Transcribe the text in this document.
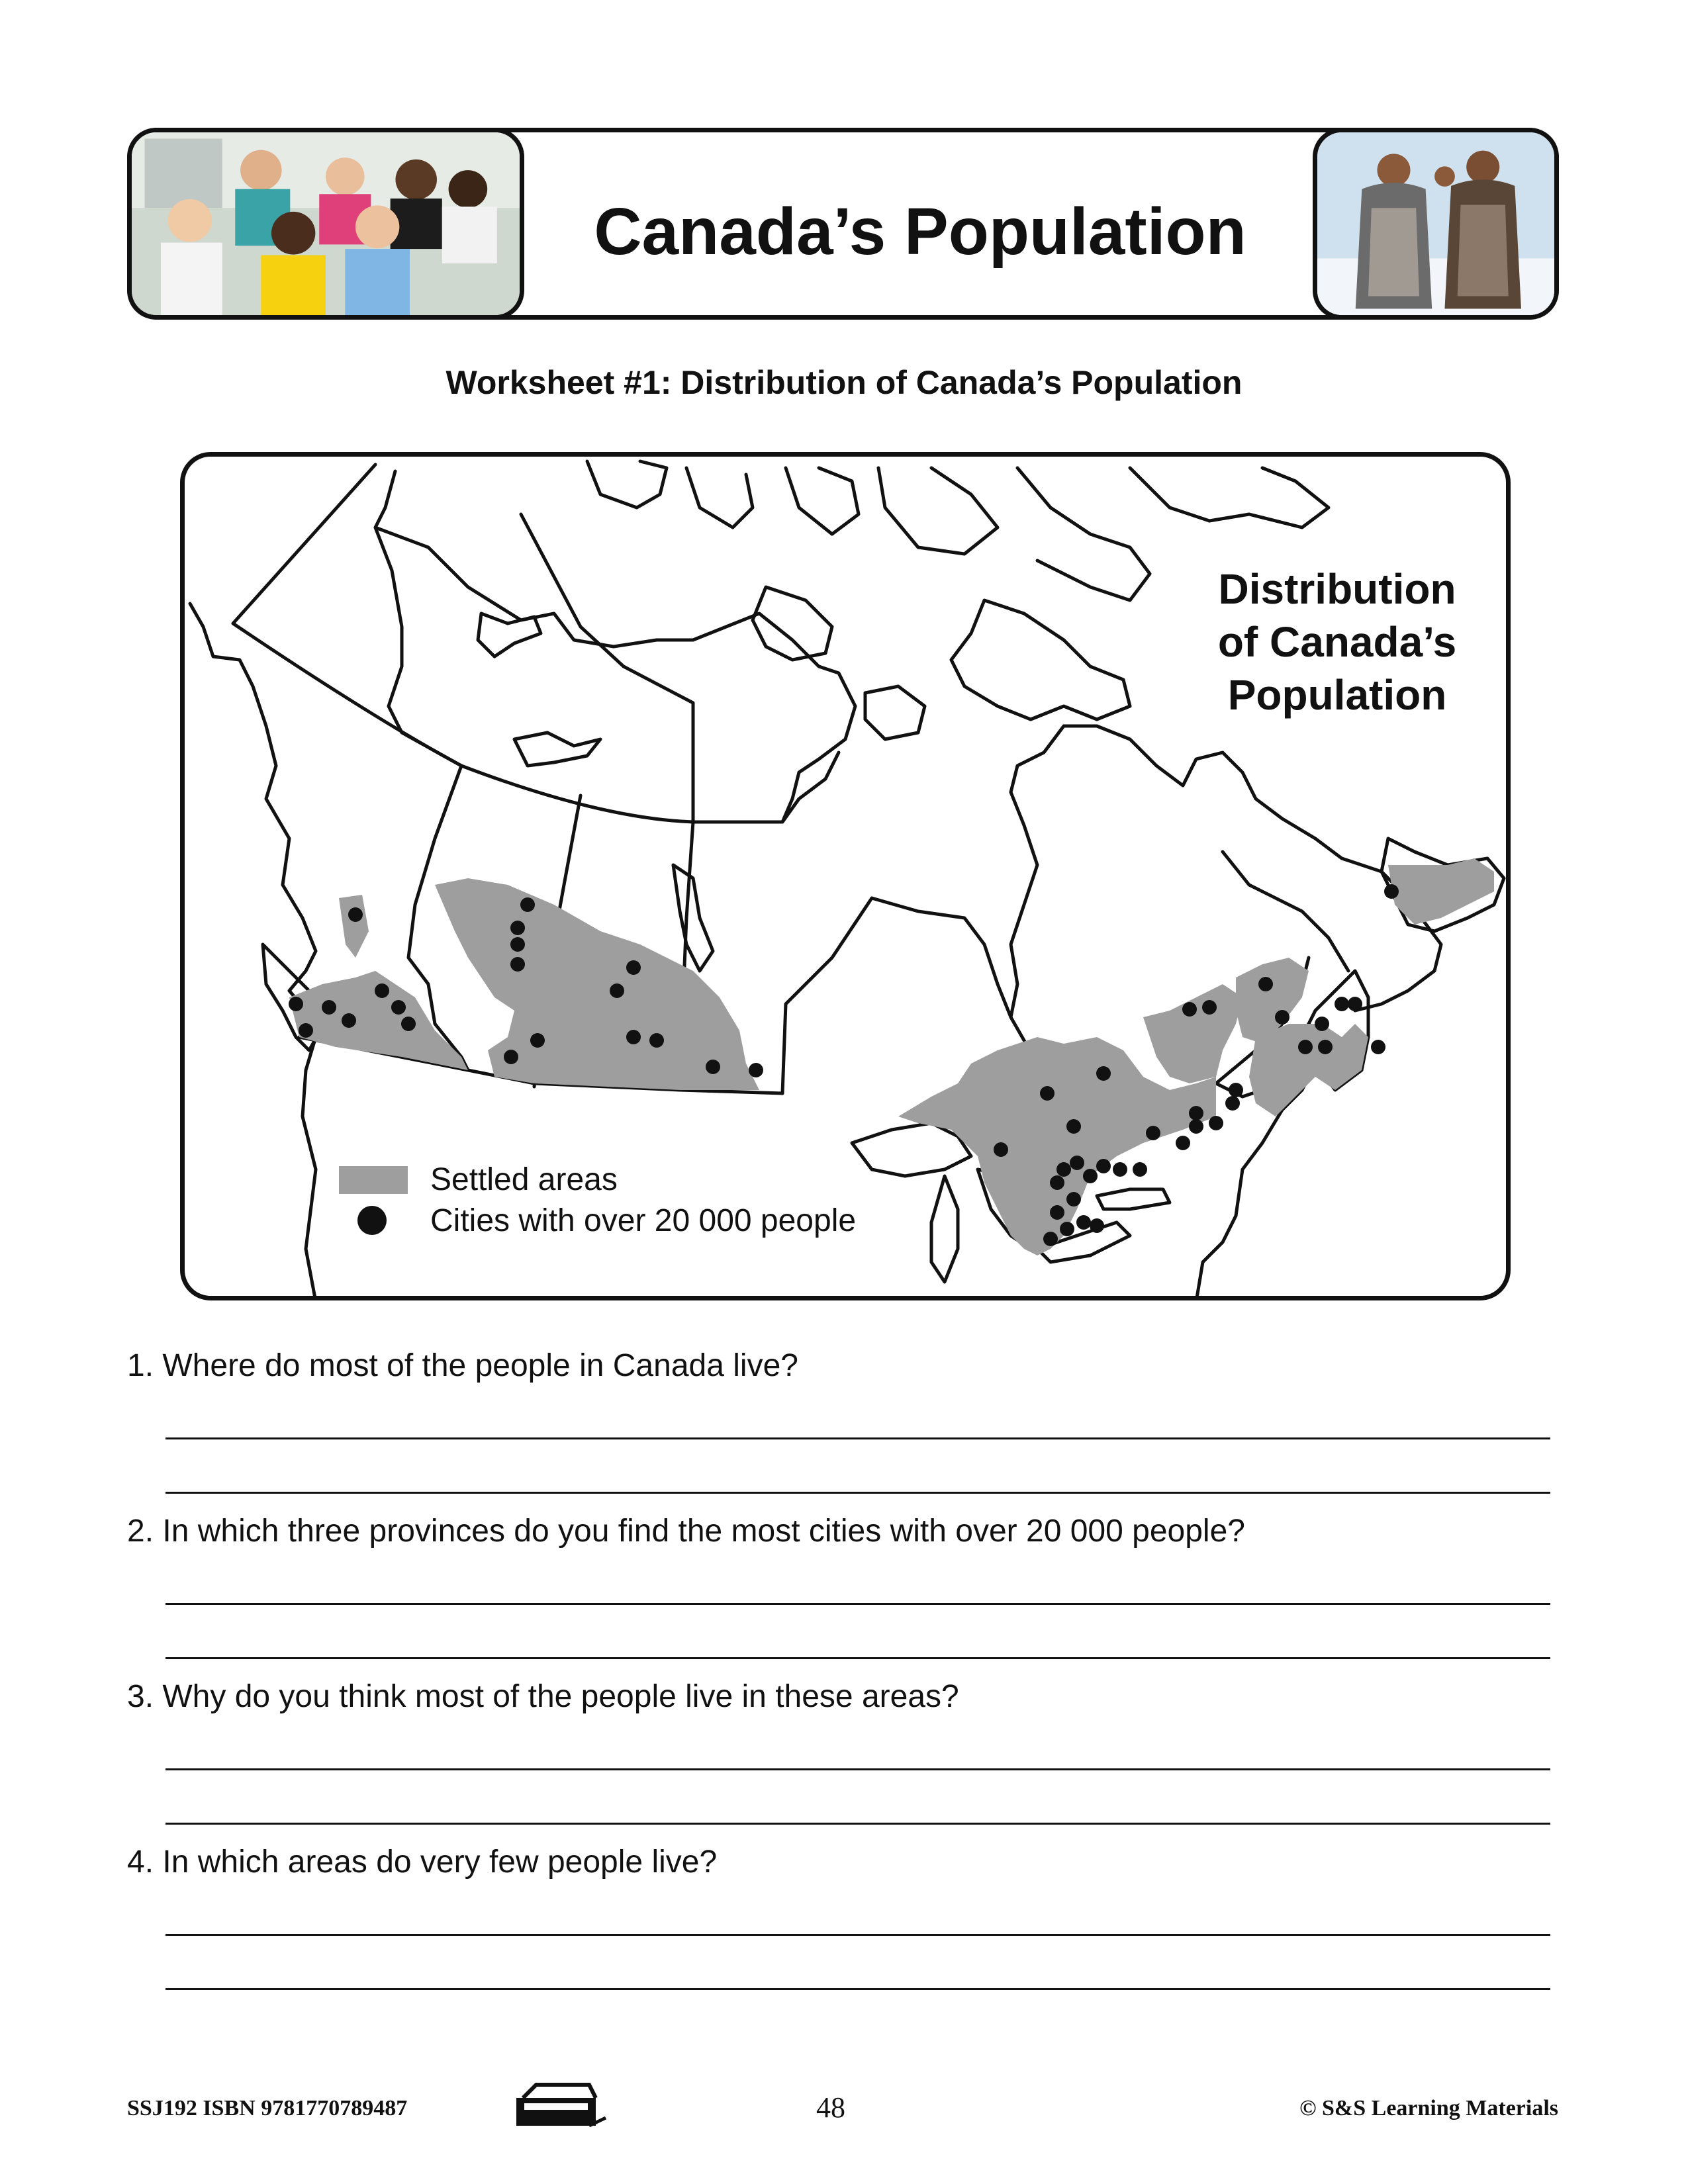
Canada’s Population
Worksheet #1: Distribution of Canada’s Population
Distribution
of Canada’s
Population
Settled areas
Cities with over 20 000 people
1. Where do most of the people in Canada live?
2. In which three provinces do you find the most cities with over 20 000 people?
3. Why do you think most of the people live in these areas?
4. In which areas do very few people live?
SSJ192 ISBN 9781770789487	48	© S&S Learning Materials
